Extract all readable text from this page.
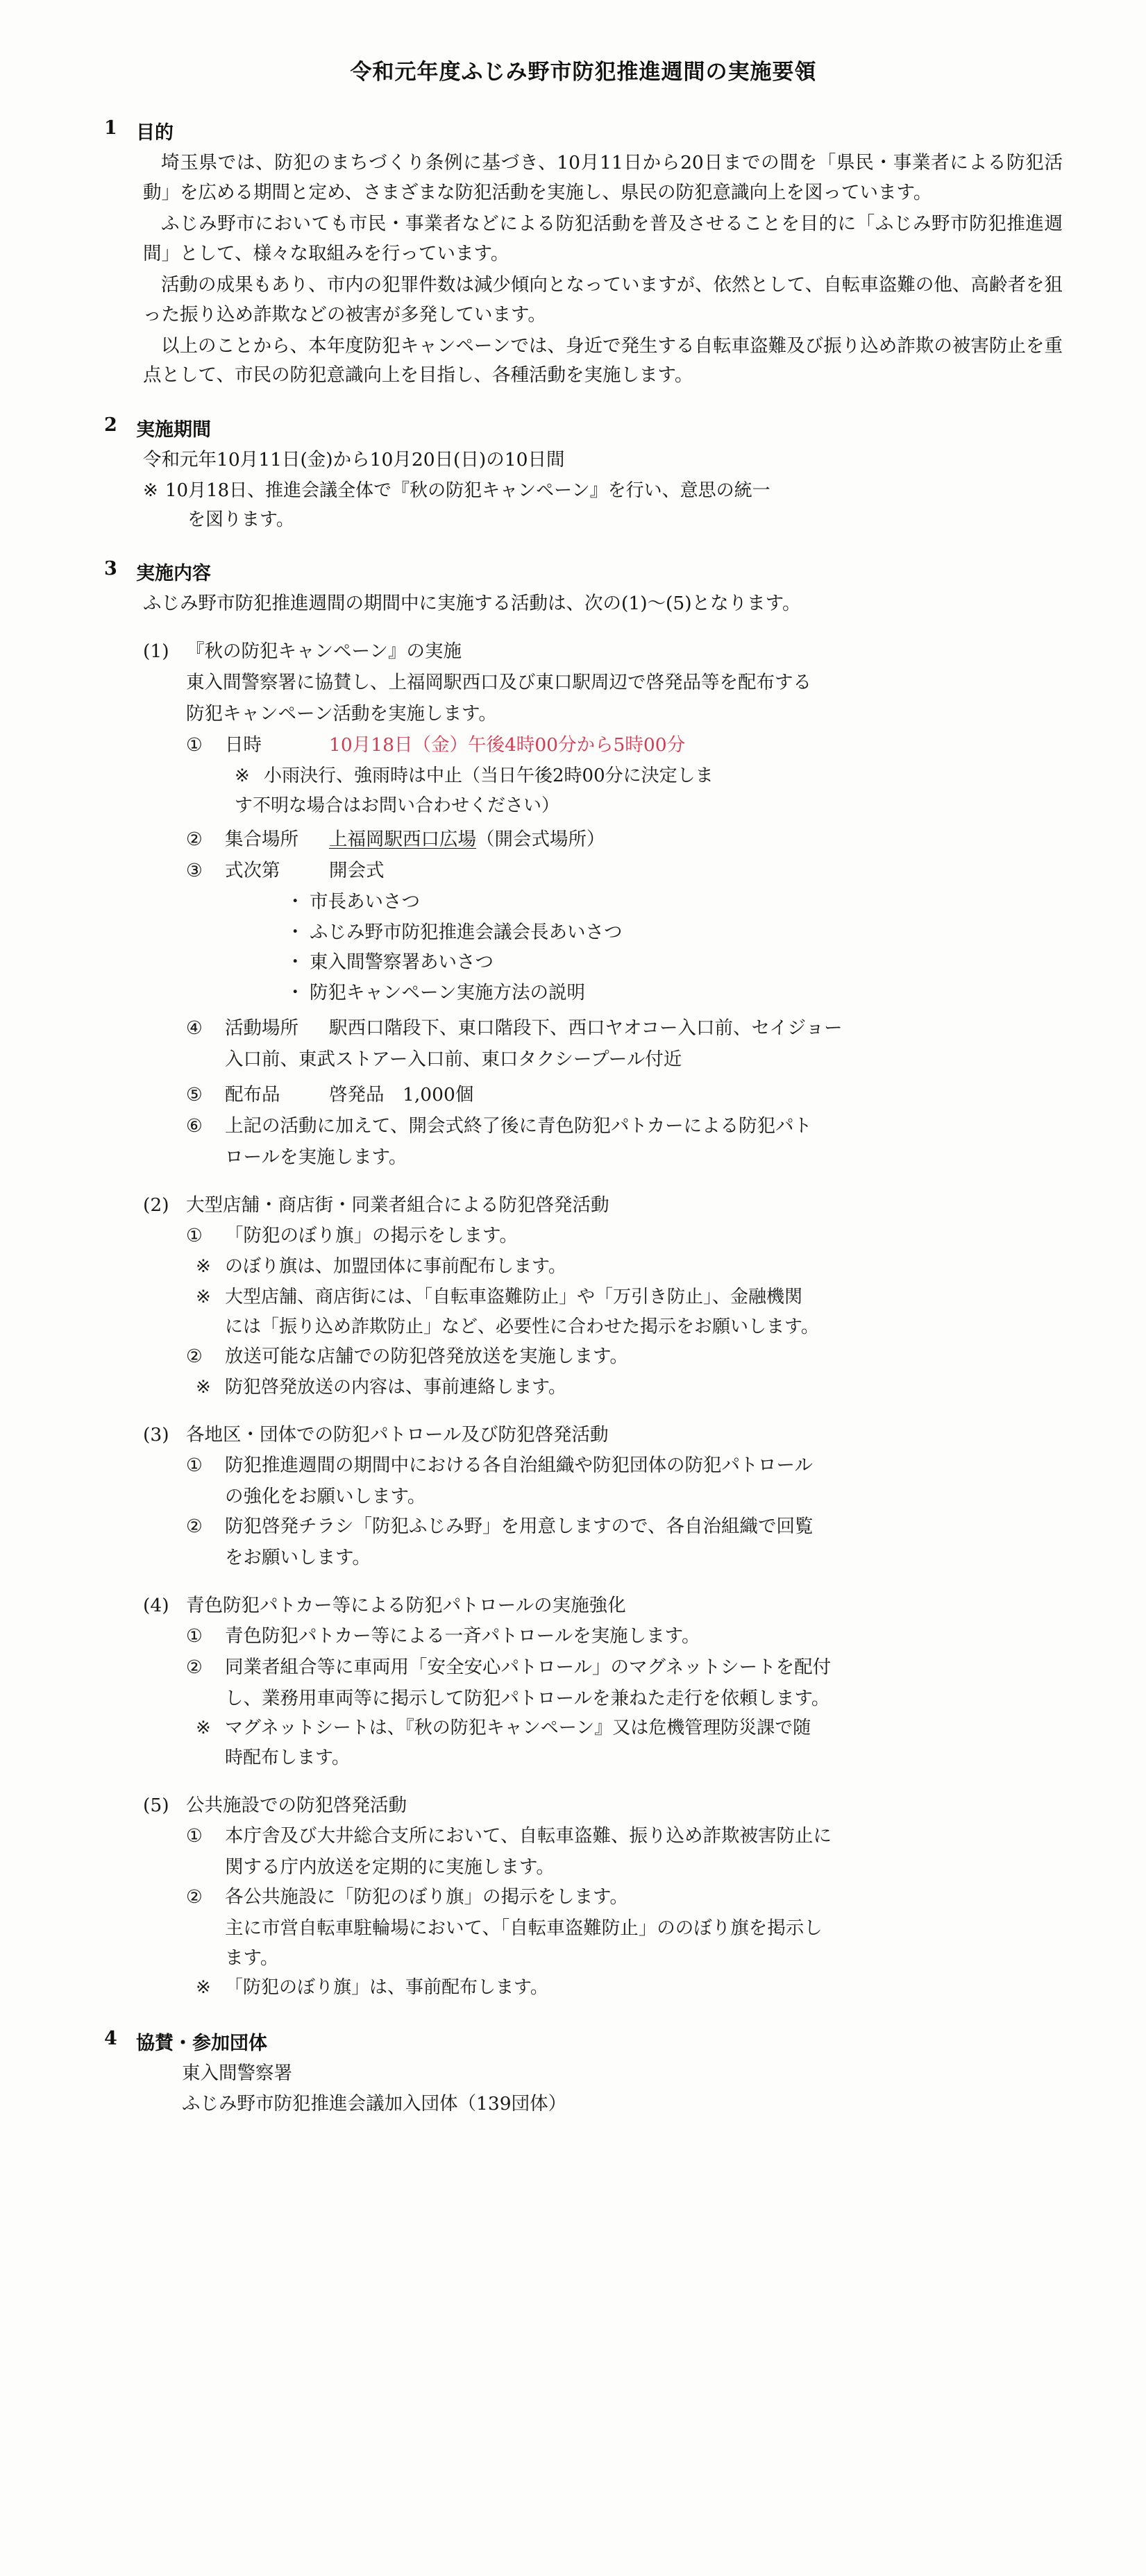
令和元年度ふじみ野市防犯推進週間の実施要領
1	目的

埼玉県では、防犯のまちづくり条例に基づき、10月11日から20日までの間を「県民・事業者による防犯活動」を広める期間と定め、さまざまな防犯活動を実施し、県民の防犯意識向上を図っています。

ふじみ野市においても市民・事業者などによる防犯活動を普及させることを目的に「ふじみ野市防犯推進週間」として、様々な取組みを行っています。

活動の成果もあり、市内の犯罪件数は減少傾向となっていますが、依然として、自転車盗難の他、高齢者を狙った振り込め詐欺などの被害が多発しています。

以上のことから、本年度防犯キャンペーンでは、身近で発生する自転車盗難及び振り込め詐欺の被害防止を重点として、市民の防犯意識向上を目指し、各種活動を実施します。

2	実施期間

令和元年10月11日(金)から10月20日(日)の10日間

※ 10月18日、推進会議全体で『秋の防犯キャンペーン』を行い、意思の統一
を図ります。
3	実施内容

ふじみ野市防犯推進週間の期間中に実施する活動は、次の(1)～(5)となります。

(1) 『秋の防犯キャンペーン』の実施

東入間警察署に協賛し、上福岡駅西口及び東口駅周辺で啓発品等を配布する

防犯キャンペーン活動を実施します。

①	日時	10月18日（金）午後4時00分から5時00分
※ 小雨決行、強雨時は中止（当日午後2時00分に決定しま
す不明な場合はお問い合わせください）
②	集合場所	上福岡駅西口広場（開会式場所）
③	式次第	開会式
・ 市長あいさつ
・ ふじみ野市防犯推進会議会長あいさつ
・ 東入間警察署あいさつ
・ 防犯キャンペーン実施方法の説明
④	活動場所	駅西口階段下、東口階段下、西口ヤオコー入口前、セイジョー
入口前、東武ストアー入口前、東口タクシープール付近
⑤	配布品	啓発品　1,000個
⑥	上記の活動に加えて、開会式終了後に青色防犯パトカーによる防犯パト
ロールを実施します。
(2) 大型店舗・商店街・同業者組合による防犯啓発活動
①	「防犯のぼり旗」の掲示をします。
※ のぼり旗は、加盟団体に事前配布します。
※ 大型店舗、商店街には、「自転車盗難防止」や「万引き防止」、金融機関
には「振り込め詐欺防止」など、必要性に合わせた掲示をお願いします。
②	放送可能な店舗での防犯啓発放送を実施します。
※ 防犯啓発放送の内容は、事前連絡します。
(3) 各地区・団体での防犯パトロール及び防犯啓発活動
①	防犯推進週間の期間中における各自治組織や防犯団体の防犯パトロール
の強化をお願いします。
②	防犯啓発チラシ「防犯ふじみ野」を用意しますので、各自治組織で回覧
をお願いします。
(4) 青色防犯パトカー等による防犯パトロールの実施強化
①	青色防犯パトカー等による一斉パトロールを実施します。
②	同業者組合等に車両用「安全安心パトロール」のマグネットシートを配付
し、業務用車両等に掲示して防犯パトロールを兼ねた走行を依頼します。
※ マグネットシートは、『秋の防犯キャンペーン』又は危機管理防災課で随
時配布します。
(5) 公共施設での防犯啓発活動
①	本庁舎及び大井総合支所において、自転車盗難、振り込め詐欺被害防止に
関する庁内放送を定期的に実施します。
②	各公共施設に「防犯のぼり旗」の掲示をします。
主に市営自転車駐輪場において、「自転車盗難防止」ののぼり旗を掲示し
ます。
※ 「防犯のぼり旗」は、事前配布します。
4	協賛・参加団体

東入間警察署

ふじみ野市防犯推進会議加入団体（139団体）
